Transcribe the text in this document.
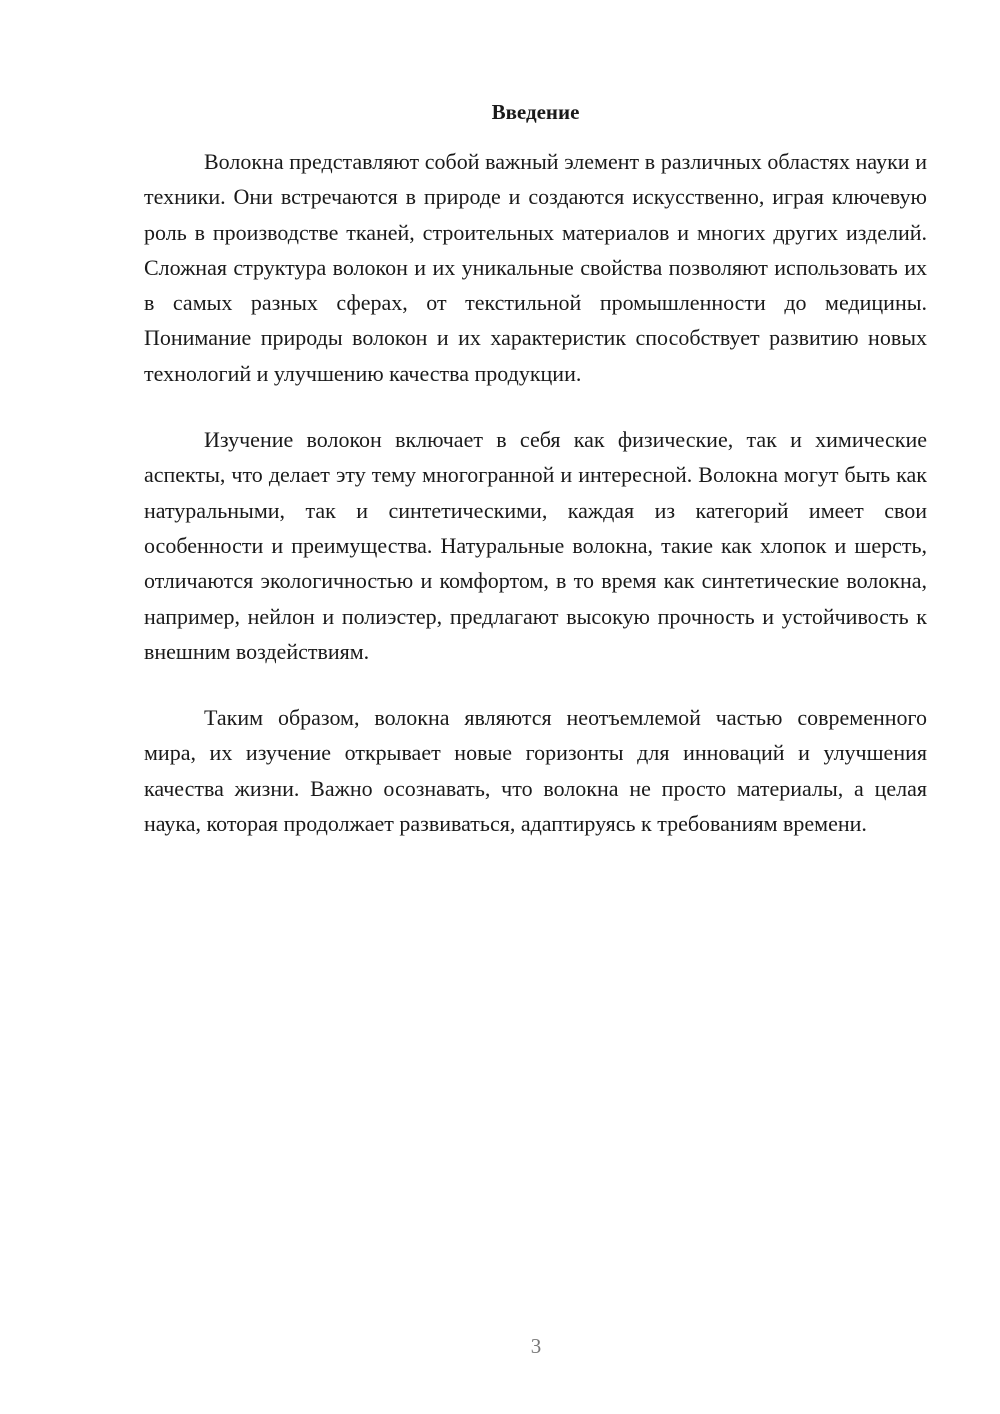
Введение

Волокна представляют собой важный элемент в различных областях науки и техники. Они встречаются в природе и создаются искусственно, играя ключевую роль в производстве тканей, строительных материалов и многих других изделий. Сложная структура волокон и их уникальные свойства позволяют использовать их в самых разных сферах, от текстильной промышленности до медицины. Понимание природы волокон и их характеристик способствует развитию новых технологий и улучшению качества продукции.

Изучение волокон включает в себя как физические, так и химические аспекты, что делает эту тему многогранной и интересной. Волокна могут быть как натуральными, так и синтетическими, каждая из категорий имеет свои особенности и преимущества. Натуральные волокна, такие как хлопок и шерсть, отличаются экологичностью и комфортом, в то время как синтетические волокна, например, нейлон и полиэстер, предлагают высокую прочность и устойчивость к внешним воздействиям.

Таким образом, волокна являются неотъемлемой частью современного мира, их изучение открывает новые горизонты для инноваций и улучшения качества жизни. Важно осознавать, что волокна не просто материалы, а целая наука, которая продолжает развиваться, адаптируясь к требованиям времени.

3
